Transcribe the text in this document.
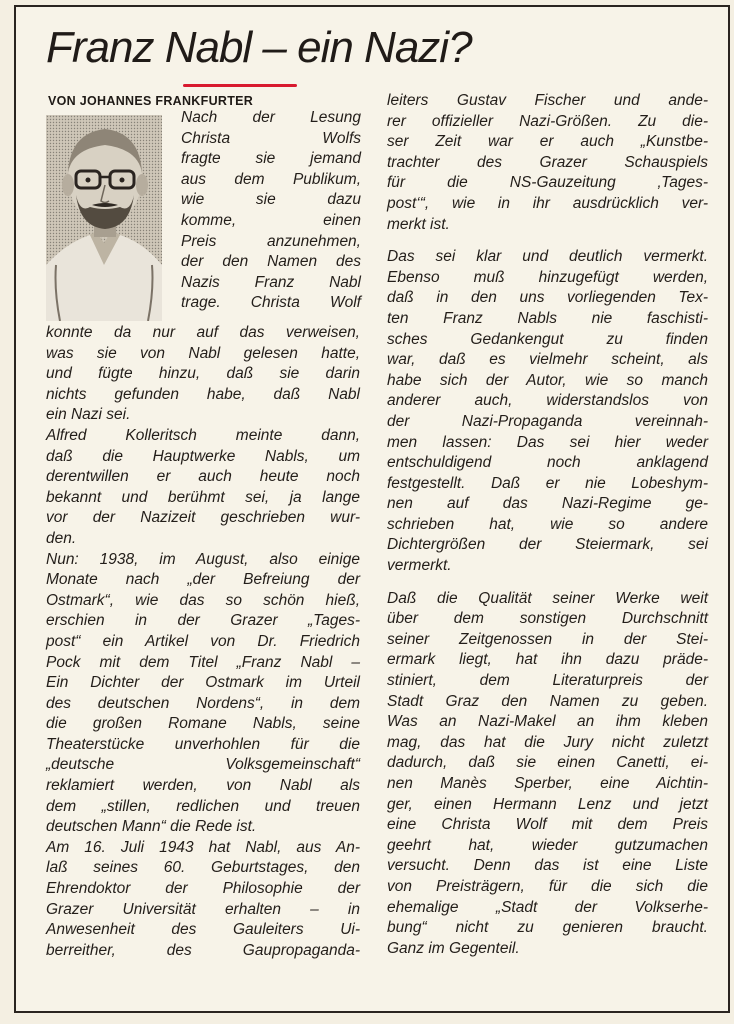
Franz Nabl – ein Nazi?
VON JOHANNES FRANKFURTER
Nach der Lesung
Christa Wolfs
fragte sie jemand
aus dem Publikum,
wie sie dazu
komme, einen
Preis anzunehmen,
der den Namen des
Nazis Franz Nabl
trage. Christa Wolf
konnte da nur auf das verweisen,
was sie von Nabl gelesen hatte,
und fügte hinzu, daß sie darin
nichts gefunden habe, daß Nabl
ein Nazi sei.
Alfred Kolleritsch meinte dann,
daß die Hauptwerke Nabls, um
derentwillen er auch heute noch
bekannt und berühmt sei, ja lange
vor der Nazizeit geschrieben wur-
den.
Nun: 1938, im August, also einige
Monate nach „der Befreiung der
Ostmark“, wie das so schön hieß,
erschien in der Grazer „Tages-
post“ ein Artikel von Dr. Friedrich
Pock mit dem Titel „Franz Nabl –
Ein Dichter der Ostmark im Urteil
des deutschen Nordens“, in dem
die großen Romane Nabls, seine
Theaterstücke unverhohlen für die
„deutsche Volksgemeinschaft“
reklamiert werden, von Nabl als
dem „stillen, redlichen und treuen
deutschen Mann“ die Rede ist.
Am 16. Juli 1943 hat Nabl, aus An-
laß seines 60. Geburtstages, den
Ehrendoktor der Philosophie der
Grazer Universität erhalten – in
Anwesenheit des Gauleiters Ui-
berreither, des Gaupropaganda-
leiters Gustav Fischer und ande-
rer offizieller Nazi-Größen. Zu die-
ser Zeit war er auch „Kunstbe-
trachter des Grazer Schauspiels
für die NS-Gauzeitung ‚Tages-
post‘“, wie in ihr ausdrücklich ver-
merkt ist.
Das sei klar und deutlich vermerkt.
Ebenso muß hinzugefügt werden,
daß in den uns vorliegenden Tex-
ten Franz Nabls nie faschisti-
sches Gedankengut zu finden
war, daß es vielmehr scheint, als
habe sich der Autor, wie so manch
anderer auch, widerstandslos von
der Nazi-Propaganda vereinnah-
men lassen: Das sei hier weder
entschuldigend noch anklagend
festgestellt. Daß er nie Lobeshym-
nen auf das Nazi-Regime ge-
schrieben hat, wie so andere
Dichtergrößen der Steiermark, sei
vermerkt.
Daß die Qualität seiner Werke weit
über dem sonstigen Durchschnitt
seiner Zeitgenossen in der Stei-
ermark liegt, hat ihn dazu präde-
stiniert, dem Literaturpreis der
Stadt Graz den Namen zu geben.
Was an Nazi-Makel an ihm kleben
mag, das hat die Jury nicht zuletzt
dadurch, daß sie einen Canetti, ei-
nen Manès Sperber, eine Aichtin-
ger, einen Hermann Lenz und jetzt
eine Christa Wolf mit dem Preis
geehrt hat, wieder gutzumachen
versucht. Denn das ist eine Liste
von Preisträgern, für die sich die
ehemalige „Stadt der Volkserhe-
bung“ nicht zu genieren braucht.
Ganz im Gegenteil.
